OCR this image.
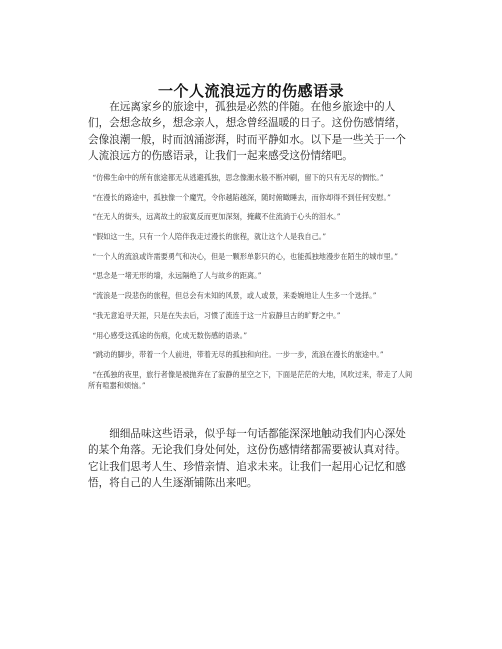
一个人流浪远方的伤感语录

在远离家乡的旅途中，孤独是必然的伴随。在他乡旅途中的人们，会想念故乡，想念亲人，想念曾经温暖的日子。这份伤感情绪，会像浪潮一般，时而汹涌澎湃，时而平静如水。以下是一些关于一个人流浪远方的伤感语录，让我们一起来感受这份情绪吧。

“仿佛生命中的所有旅途都无从逃避孤独，思念像潮水般不断冲刷，留下的只有无尽的惆怅。”
“在漫长的路途中，孤独像一个魔咒，令你越陷越深，随时俯瞰睡去，而你却得不到任何安慰。”
“在无人的街头，远离故土的寂寞反而更加深刻，掩藏不住流淌于心头的泪水。”
“假如这一生，只有一个人陪伴我走过漫长的旅程，就让这个人是我自己。”
“一个人的流浪或许需要勇气和决心，但是一颗形单影只的心，也能孤独地漫步在陌生的城市里。”
“思念是一堵无形的墙，永远隔绝了人与故乡的距离。”
“流浪是一段悲伤的旅程，但总会有未知的风景，或人或景，来委婉地让人生多一个选择。”
“我无意追寻天涯，只是在失去后，习惯了流连于这一片寂静旦古的旷野之中。”
“用心感受这孤途的伤痕，化成无数伤感的语录。”
“跳动的脚步，带着一个人前进，带着无尽的孤独和向往。一步一步，流浪在漫长的旅途中。”
“在孤独的夜里，旅行者像是被抛弃在了寂静的星空之下，下面是茫茫的大地，风吹过来，带走了人间所有喧嚣和烦恼。”

细细品味这些语录，似乎每一句话都能深深地触动我们内心深处的某个角落。无论我们身处何处，这份伤感情绪都需要被认真对待。它让我们思考人生、珍惜亲情、追求未来。让我们一起用心记忆和感悟，将自己的人生逐渐铺陈出来吧。
